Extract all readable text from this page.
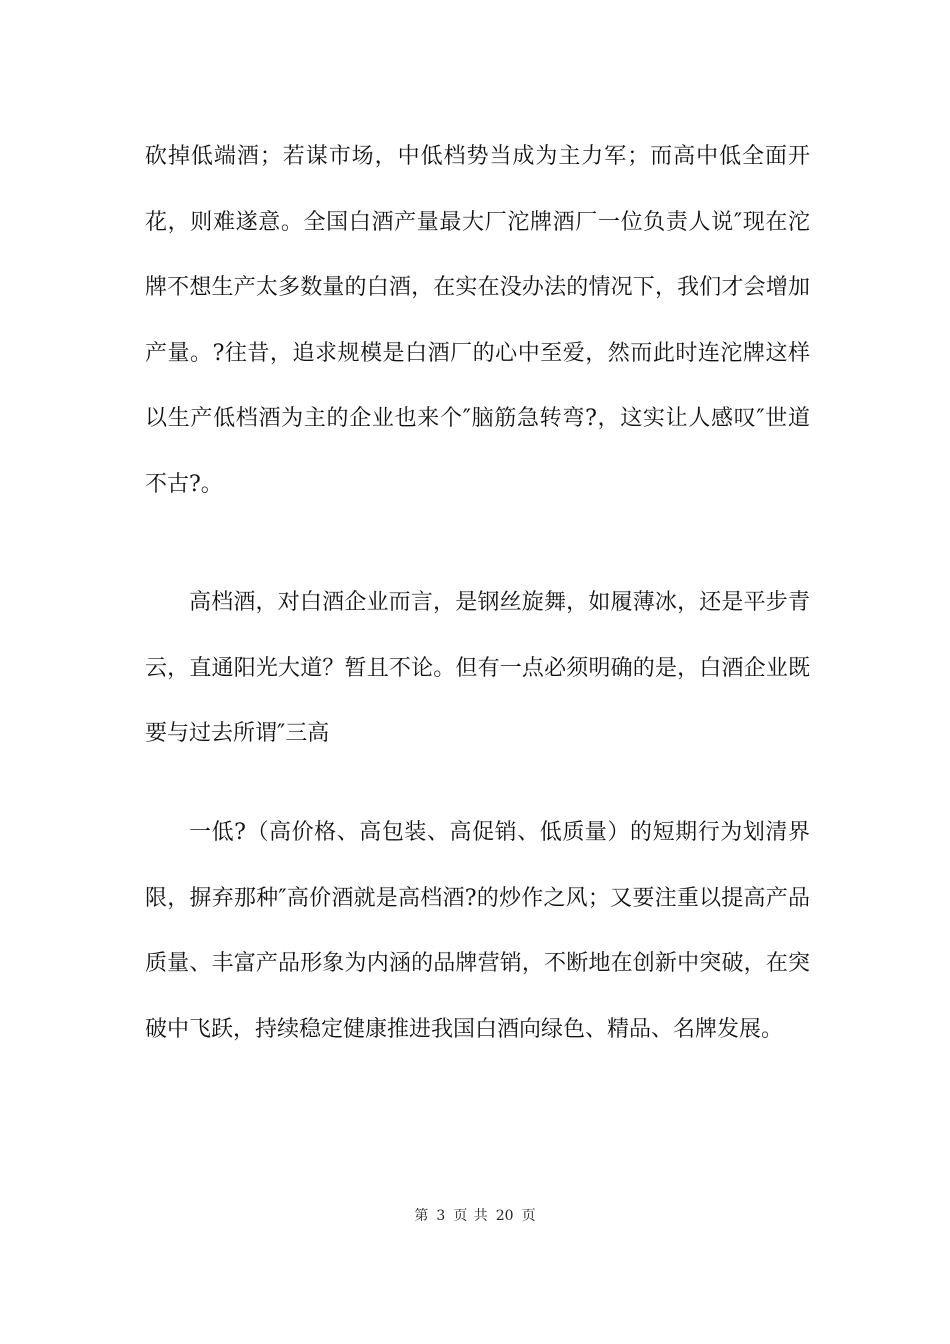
砍掉低端酒；若谋市场，中低档势当成为主力军；而高中低全面开花，则难遂意。全国白酒产量最大厂沱牌酒厂一位负责人说″现在沱牌不想生产太多数量的白酒，在实在没办法的情况下，我们才会增加产量。?往昔，追求规模是白酒厂的心中至爱，然而此时连沱牌这样以生产低档酒为主的企业也来个″脑筋急转弯?，这实让人感叹″世道不古?。

高档酒，对白酒企业而言，是钢丝旋舞，如履薄冰，还是平步青云，直通阳光大道？暂且不论。但有一点必须明确的是，白酒企业既要与过去所谓″三高

一低?（高价格、高包装、高促销、低质量）的短期行为划清界限，摒弃那种″高价酒就是高档酒?的炒作之风；又要注重以提高产品质量、丰富产品形象为内涵的品牌营销，不断地在创新中突破，在突破中飞跃，持续稳定健康推进我国白酒向绿色、精品、名牌发展。

第 3 页 共 20 页
